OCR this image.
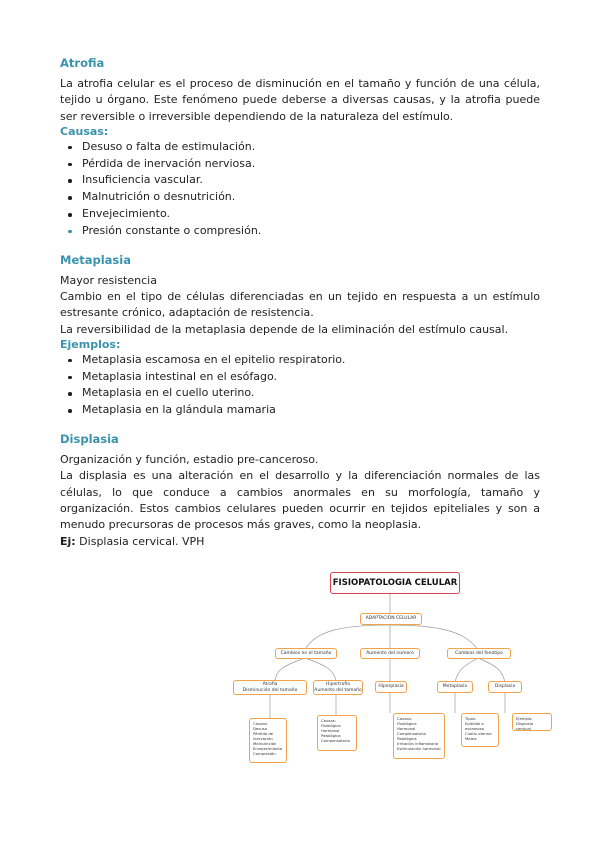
Atrofia

La atrofia celular es el proceso de disminución en el tamaño y función de una célula, tejido u órgano. Este fenómeno puede deberse a diversas causas, y la atrofia puede ser reversible o irreversible dependiendo de la naturaleza del estímulo.

Causas:
Desuso o falta de estimulación.
Pérdida de inervación nerviosa.
Insuficiencia vascular.
Malnutrición o desnutrición.
Envejecimiento.
Presión constante o compresión.
Metaplasia

Mayor resistencia

Cambio en el tipo de células diferenciadas en un tejido en respuesta a un estímulo estresante crónico, adaptación de resistencia.

La reversibilidad de la metaplasia depende de la eliminación del estímulo causal.

Ejemplos:
Metaplasia escamosa en el epitelio respiratorio.
Metaplasia intestinal en el esófago.
Metaplasia en el cuello uterino.
Metaplasia en la glándula mamaria
Displasia

Organización y función, estadio pre-canceroso.

La displasia es una alteración en el desarrollo y la diferenciación normales de las células, lo que conduce a cambios anormales en su morfología, tamaño y organización. Estos cambios celulares pueden ocurrir en tejidos epiteliales y son a menudo precursoras de procesos más graves, como la neoplasia.

Ej: Displasia cervical. VPH

FISIOPATOLOGIA CELULAR
ADAPTACIÓN CELULAR
Cambios en el tamaño	Aumento del número	Cambios del fenotipo
Atrofia
Disminución del tamaño
Hipertrofia
Aumento del tamaño
Hiperplasia	Metaplasia	Displasia
Causas:
Desuso
Pérdida de
inervación
Malnutrición
Envejecimiento
Compresión
Causas:
Fisiológica
Hormonal
Patológica
Compensatoria
Causas:
Fisiológica
Hormonal
Compensatoria
Patológica
Irritación inflamatoria
Estimulación hormonal
Tipos:
Epitelial a
escamoso
Cuello uterino
Mama
Ejemplo:
Displasia cervical
